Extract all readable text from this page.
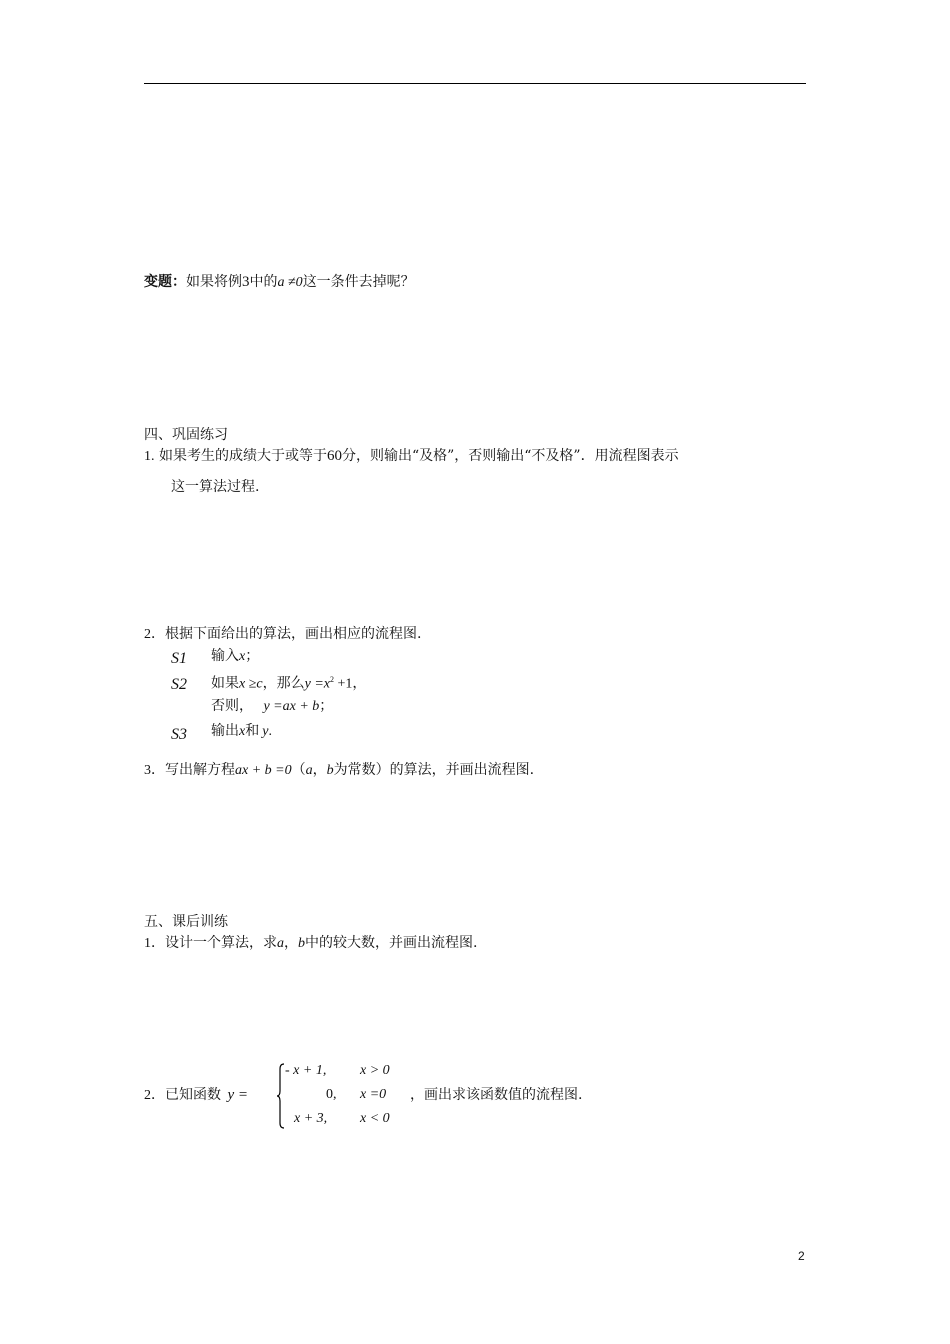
变题：如果将例3中的a ≠0这一条件去掉呢？
四、巩固练习
1. 如果考生的成绩大于或等于60分，则输出“及格”，否则输出“不及格”．用流程图表示
这一算法过程.
2．根据下面给出的算法，画出相应的流程图.
S1 输入x；
S2 如果x ≥c，那么$y =x^2 +1$，
否则， y =ax + b；
S3 输出x和 y.
3．写出解方程ax + b =0（a，b为常数）的算法，并画出流程图.
五、课后训练
1．设计一个算法，求a，b中的较大数，并画出流程图.
2．已知函数 y =
- x + 1, x > 0
0, x =0 ，画出求该函数值的流程图.
x + 3, x < 0
2
